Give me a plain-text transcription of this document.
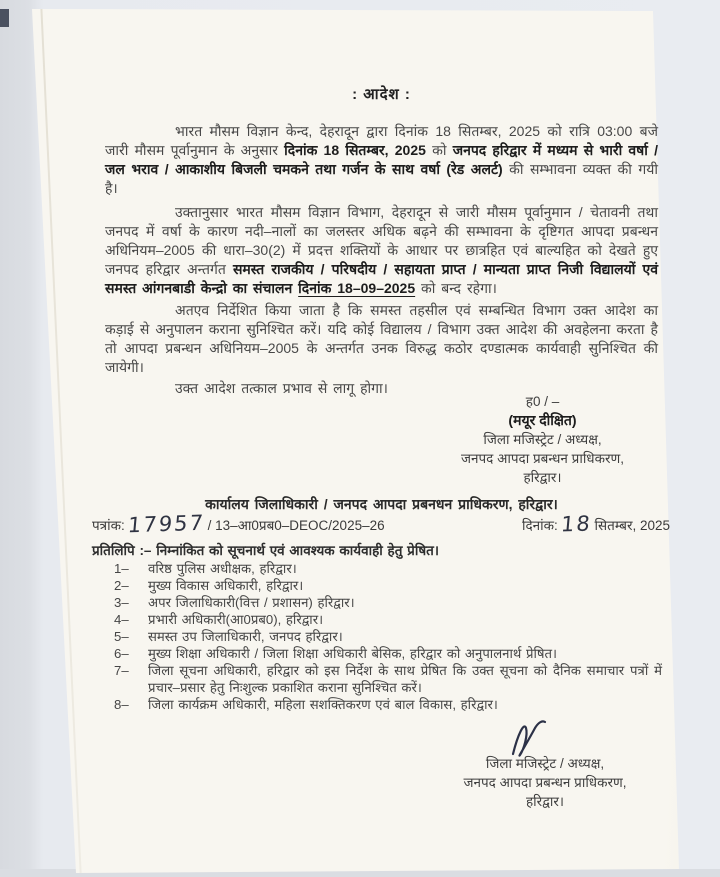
: आदेश :
भारत मौसम विज्ञान केन्द, देहरादून द्वारा दिनांक 18 सितम्बर, 2025 को रात्रि 03:00 बजे जारी मौसम पूर्वानुमान के अनुसार दिनांक 18 सितम्बर, 2025 को जनपद हरिद्वार में मध्यम से भारी वर्षा / जल भराव / आकाशीय बिजली चमकने तथा गर्जन के साथ वर्षा (रेड अलर्ट) की सम्भावना व्यक्त की गयी है।
उक्तानुसार भारत मौसम विज्ञान विभाग, देहरादून से जारी मौसम पूर्वानुमान / चेतावनी तथा जनपद में वर्षा के कारण नदी–नालों का जलस्तर अधिक बढ़ने की सम्भावना के दृष्टिगत आपदा प्रबन्धन अधिनियम–2005 की धारा–30(2) में प्रदत्त शक्तियों के आधार पर छात्रहित एवं बाल्यहित को देखते हुए जनपद हरिद्वार अन्तर्गत समस्त राजकीय / परिषदीय / सहायता प्राप्त / मान्यता प्राप्त निजी विद्यालयों एवं समस्त आंगनबाडी केन्द्रो का संचालन दिनांक 18–09–2025 को बन्द रहेगा।
अतएव निर्देशित किया जाता है कि समस्त तहसील एवं सम्बन्धित विभाग उक्त आदेश का कड़ाई से अनुपालन कराना सुनिश्चित करें। यदि कोई विद्यालय / विभाग उक्त आदेश की अवहेलना करता है तो आपदा प्रबन्धन अधिनियम–2005 के अन्तर्गत उनक विरुद्ध कठोर दण्डात्मक कार्यवाही सुनिश्चित की जायेगी।
उक्त आदेश तत्काल प्रभाव से लागू होगा।
ह0 / –
(मयूर दीक्षित)
जिला मजिस्ट्रेट / अध्यक्ष,
जनपद आपदा प्रबन्धन प्राधिकरण,
हरिद्वार।
कार्यालय जिलाधिकारी / जनपद आपदा प्रबनधन प्राधिकरण, हरिद्वार।
पत्रांक: 17957 / 13–आ0प्रब0–DEOC/2025–26	दिनांक: 18 सितम्बर, 2025
प्रतिलिपि :– निम्नांकित को सूचनार्थ एवं आवश्यक कार्यवाही हेतु प्रेषित।
1–	वरिष्ठ पुलिस अधीक्षक, हरिद्वार।
2–	मुख्य विकास अधिकारी, हरिद्वार।
3–	अपर जिलाधिकारी(वित्त / प्रशासन) हरिद्वार।
4–	प्रभारी अधिकारी(आ0प्रब0), हरिद्वार।
5–	समस्त उप जिलाधिकारी, जनपद हरिद्वार।
6–	मुख्य शिक्षा अधिकारी / जिला शिक्षा अधिकारी बेसिक, हरिद्वार को अनुपालनार्थ प्रेषित।
7–	जिला सूचना अधिकारी, हरिद्वार को इस निर्देश के साथ प्रेषित कि उक्त सूचना को दैनिक समाचार पत्रों में प्रचार–प्रसार हेतु निःशुल्क प्रकाशित कराना सुनिश्चित करें।
8–	जिला कार्यक्रम अधिकारी, महिला सशक्तिकरण एवं बाल विकास, हरिद्वार।
जिला मजिस्ट्रेट / अध्यक्ष,
जनपद आपदा प्रबन्धन प्राधिकरण,
हरिद्वार।
